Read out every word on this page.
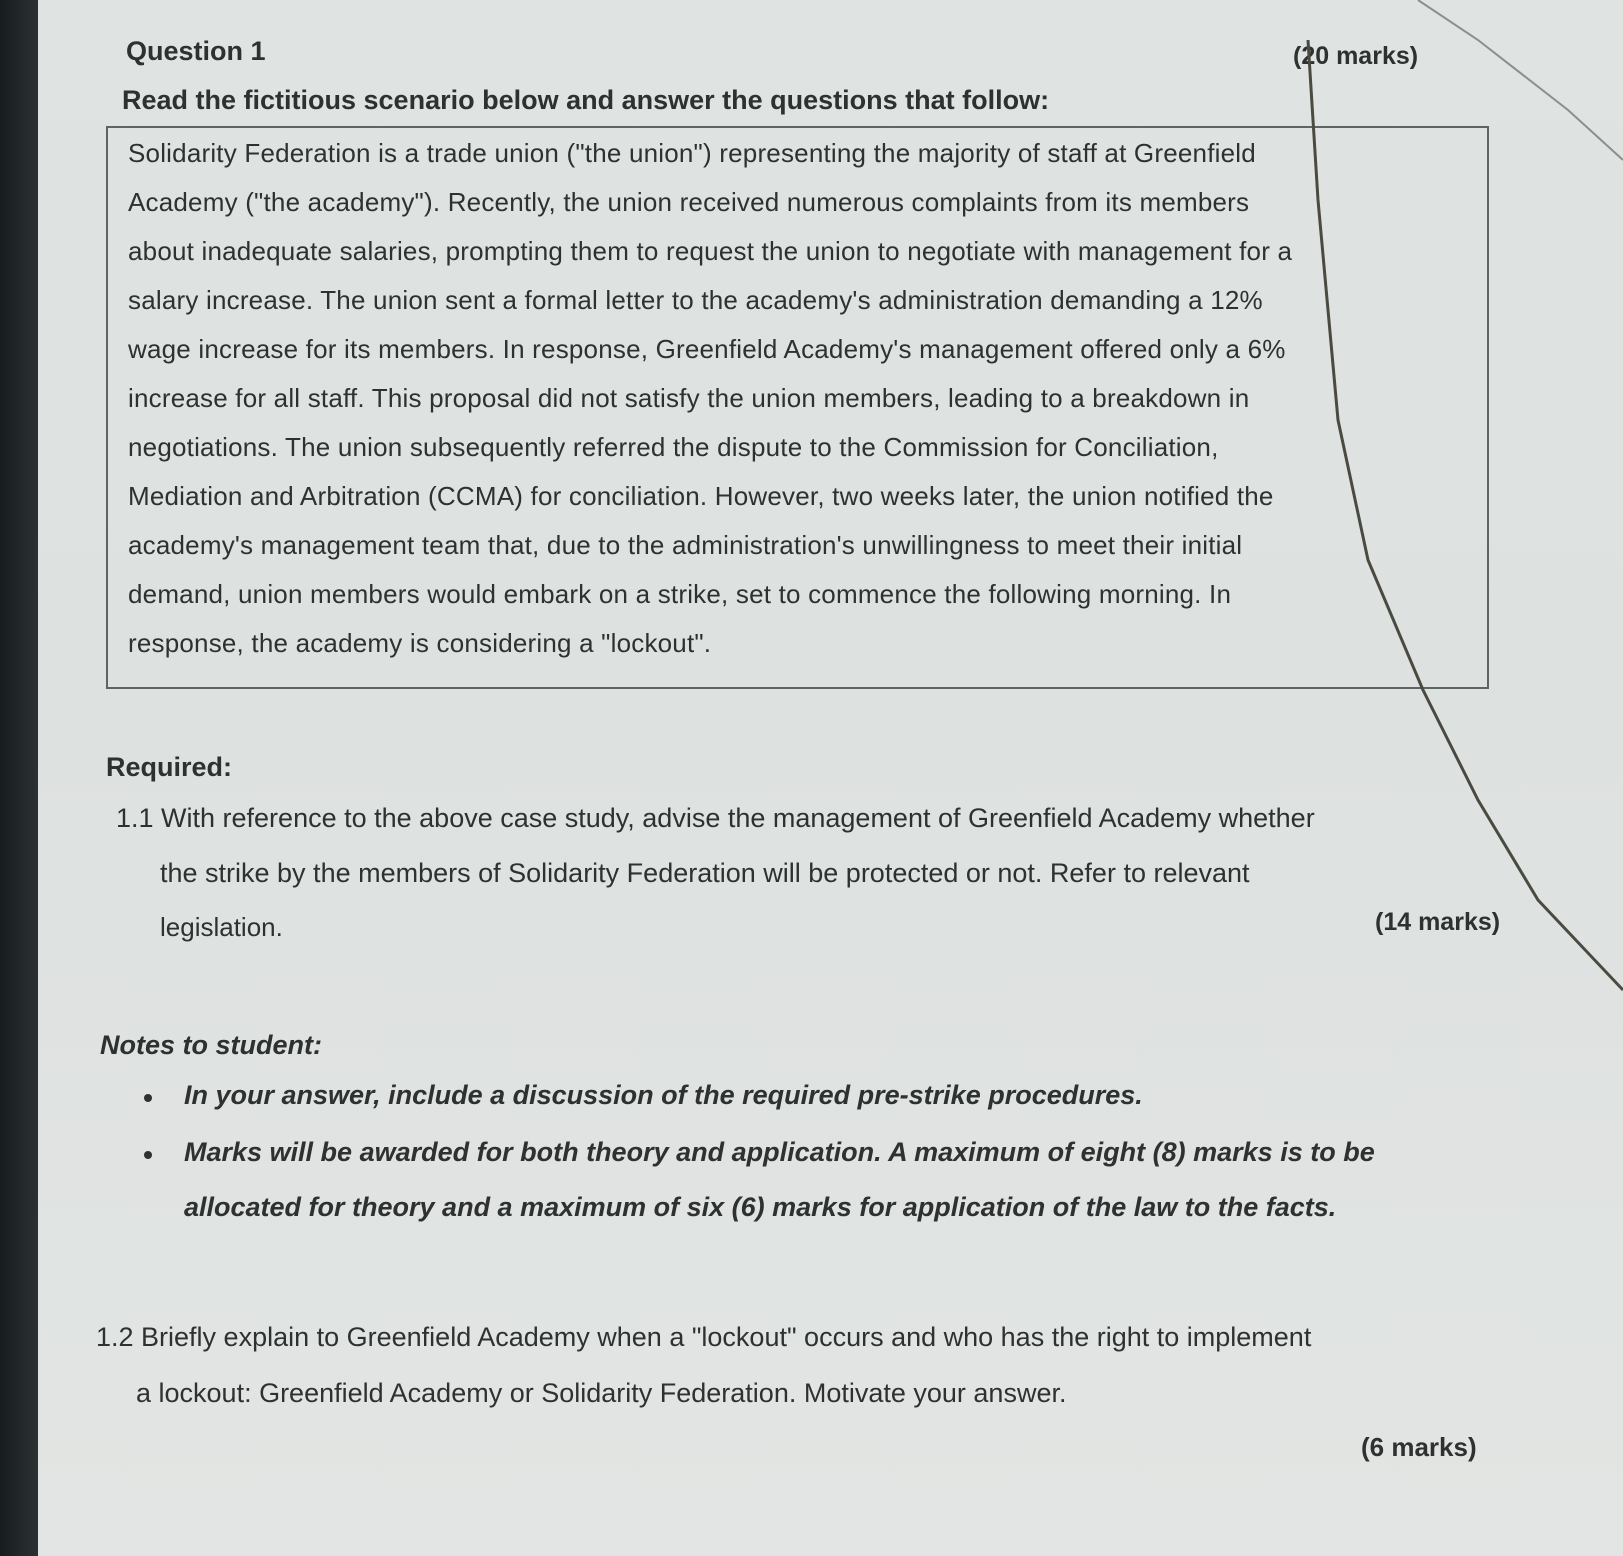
Question 1	(20 marks)
Read the fictitious scenario below and answer the questions that follow:
Solidarity Federation is a trade union ("the union") representing the majority of staff at Greenfield
Academy ("the academy"). Recently, the union received numerous complaints from its members
about inadequate salaries, prompting them to request the union to negotiate with management for a
salary increase. The union sent a formal letter to the academy's administration demanding a 12%
wage increase for its members. In response, Greenfield Academy's management offered only a 6%
increase for all staff. This proposal did not satisfy the union members, leading to a breakdown in
negotiations. The union subsequently referred the dispute to the Commission for Conciliation,
Mediation and Arbitration (CCMA) for conciliation. However, two weeks later, the union notified the
academy's management team that, due to the administration's unwillingness to meet their initial
demand, union members would embark on a strike, set to commence the following morning. In
response, the academy is considering a "lockout".
Required:
1.1 With reference to the above case study, advise the management of Greenfield Academy whether
the strike by the members of Solidarity Federation will be protected or not. Refer to relevant
legislation.	(14 marks)
Notes to student:
In your answer, include a discussion of the required pre-strike procedures.
Marks will be awarded for both theory and application. A maximum of eight (8) marks is to be
allocated for theory and a maximum of six (6) marks for application of the law to the facts.
1.2 Briefly explain to Greenfield Academy when a "lockout" occurs and who has the right to implement
a lockout: Greenfield Academy or Solidarity Federation. Motivate your answer.
(6 marks)
